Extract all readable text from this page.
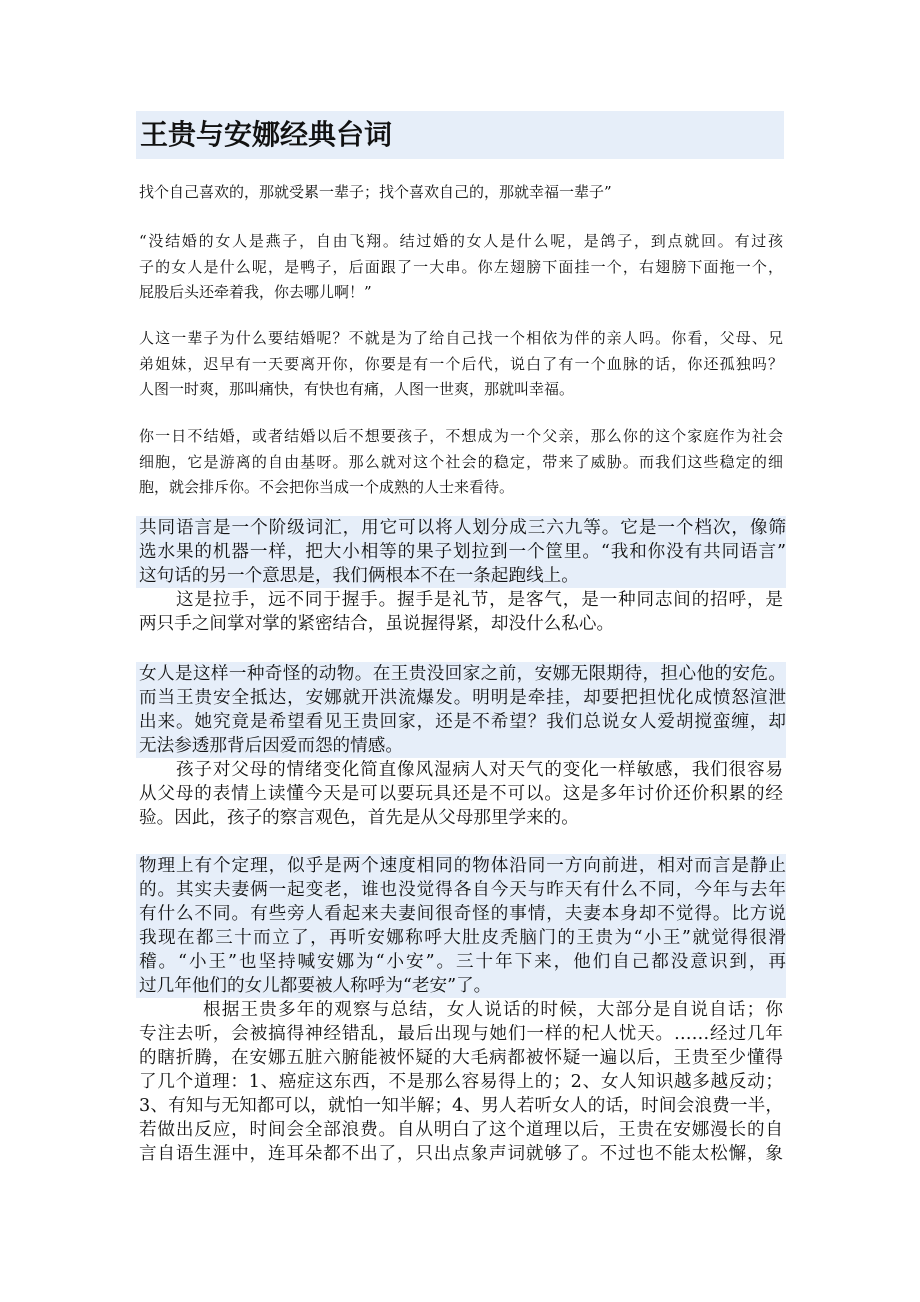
王贵与安娜经典台词
找个自己喜欢的，那就受累一辈子；找个喜欢自己的，那就幸福一辈子”
“没结婚的女人是燕子，自由飞翔。结过婚的女人是什么呢，是鸽子，到点就回。有过孩
子的女人是什么呢，是鸭子，后面跟了一大串。你左翅膀下面挂一个，右翅膀下面拖一个，
屁股后头还牵着我，你去哪儿啊！”
人这一辈子为什么要结婚呢？不就是为了给自己找一个相依为伴的亲人吗。你看，父母、兄
弟姐妹，迟早有一天要离开你，你要是有一个后代，说白了有一个血脉的话，你还孤独吗？
人图一时爽，那叫痛快，有快也有痛，人图一世爽，那就叫幸福。
你一日不结婚，或者结婚以后不想要孩子，不想成为一个父亲，那么你的这个家庭作为社会
细胞，它是游离的自由基呀。那么就对这个社会的稳定，带来了威胁。而我们这些稳定的细
胞，就会排斥你。不会把你当成一个成熟的人士来看待。
共同语言是一个阶级词汇，用它可以将人划分成三六九等。它是一个档次，像筛
选水果的机器一样，把大小相等的果子划拉到一个筐里。“我和你没有共同语言”
这句话的另一个意思是，我们俩根本不在一条起跑线上。
这是拉手，远不同于握手。握手是礼节，是客气，是一种同志间的招呼，是
两只手之间掌对掌的紧密结合，虽说握得紧，却没什么私心。
女人是这样一种奇怪的动物。在王贵没回家之前，安娜无限期待，担心他的安危。
而当王贵安全抵达，安娜就开洪流爆发。明明是牵挂，却要把担忧化成愤怒渲泄
出来。她究竟是希望看见王贵回家，还是不希望？我们总说女人爱胡搅蛮缠，却
无法参透那背后因爱而怨的情感。
孩子对父母的情绪变化简直像风湿病人对天气的变化一样敏感，我们很容易
从父母的表情上读懂今天是可以要玩具还是不可以。这是多年讨价还价积累的经
验。因此，孩子的察言观色，首先是从父母那里学来的。
物理上有个定理，似乎是两个速度相同的物体沿同一方向前进，相对而言是静止
的。其实夫妻俩一起变老，谁也没觉得各自今天与昨天有什么不同，今年与去年
有什么不同。有些旁人看起来夫妻间很奇怪的事情，夫妻本身却不觉得。比方说
我现在都三十而立了，再听安娜称呼大肚皮秃脑门的王贵为“小王”就觉得很滑
稽。“小王”也坚持喊安娜为“小安”。三十年下来，他们自己都没意识到，再
过几年他们的女儿都要被人称呼为“老安”了。
根据王贵多年的观察与总结，女人说话的时候，大部分是自说自话；你
专注去听，会被搞得神经错乱，最后出现与她们一样的杞人忧天。……经过几年
的瞎折腾，在安娜五脏六腑能被怀疑的大毛病都被怀疑一遍以后，王贵至少懂得
了几个道理：1、癌症这东西，不是那么容易得上的；2、女人知识越多越反动；
3、有知与无知都可以，就怕一知半解；4、男人若听女人的话，时间会浪费一半，
若做出反应，时间会全部浪费。自从明白了这个道理以后，王贵在安娜漫长的自
言自语生涯中，连耳朵都不出了，只出点象声词就够了。不过也不能太松懈，象
